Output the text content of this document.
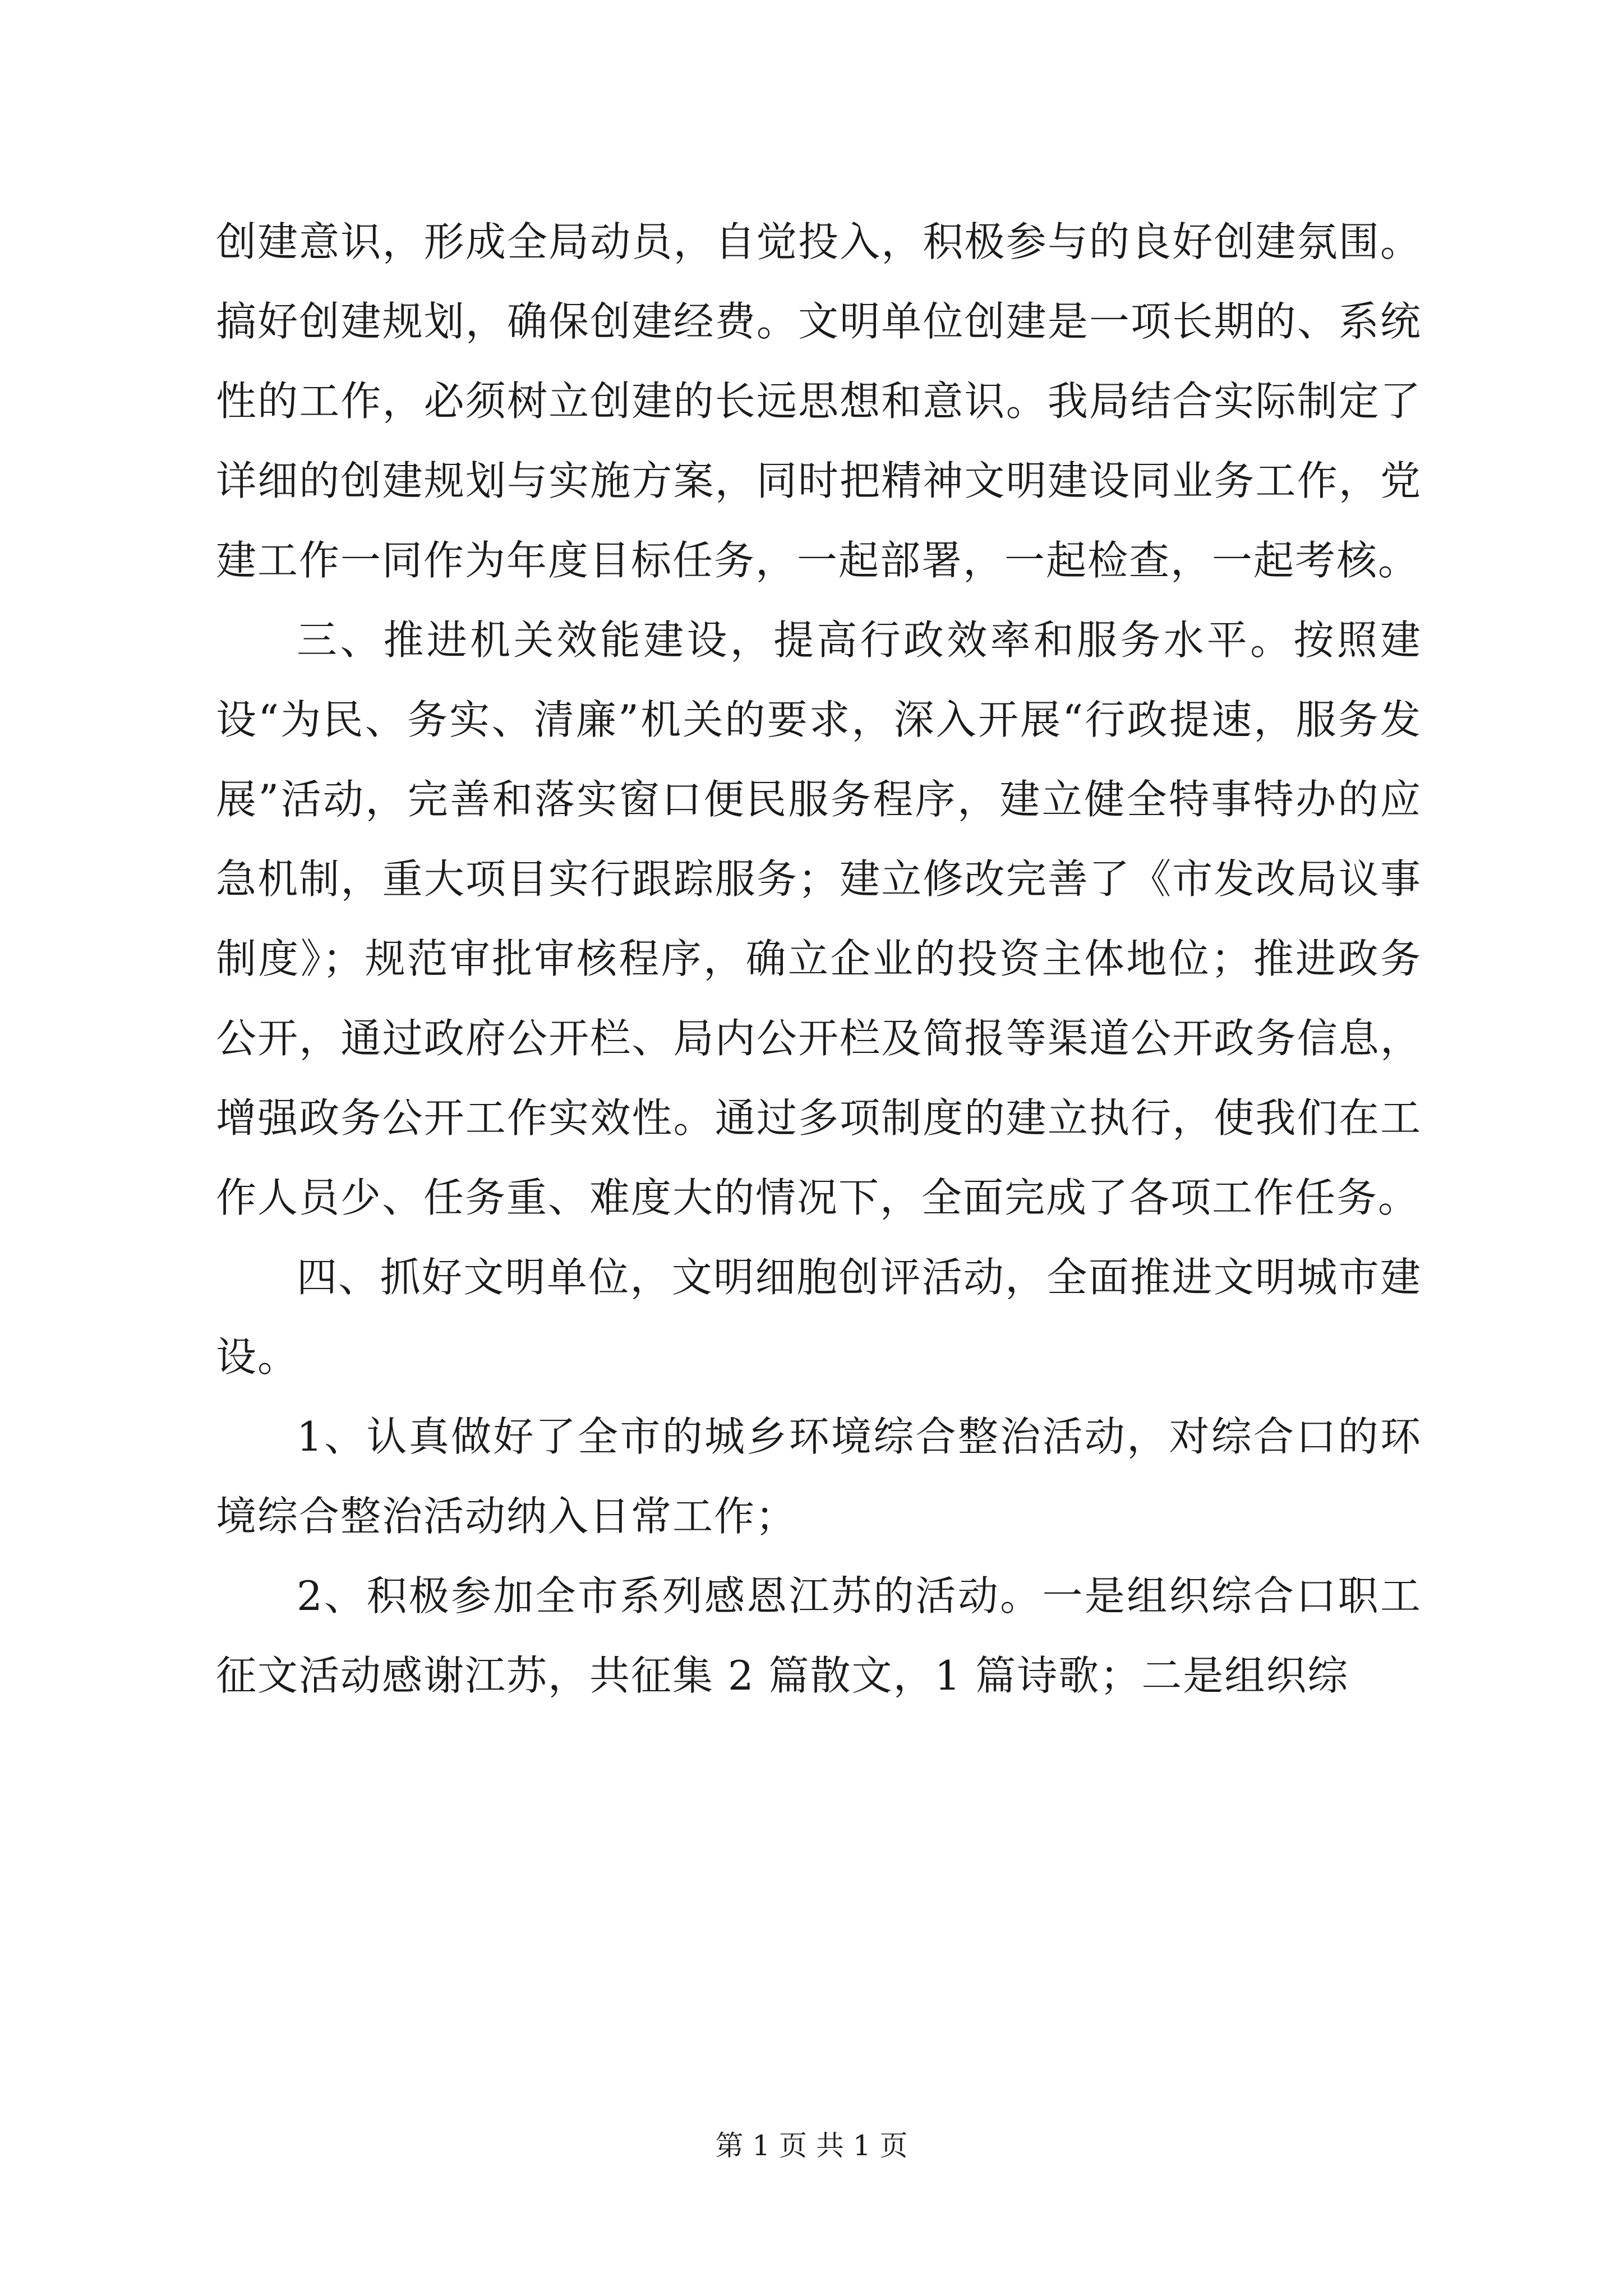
创建意识，形成全局动员，自觉投入，积极参与的良好创建氛围。搞好创建规划，确保创建经费。文明单位创建是一项长期的、系统性的工作，必须树立创建的长远思想和意识。我局结合实际制定了详细的创建规划与实施方案，同时把精神文明建设同业务工作，党建工作一同作为年度目标任务，一起部署，一起检查，一起考核。

三、推进机关效能建设，提高行政效率和服务水平。按照建设“为民、务实、清廉”机关的要求，深入开展“行政提速，服务发展”活动，完善和落实窗口便民服务程序，建立健全特事特办的应急机制，重大项目实行跟踪服务；建立修改完善了《市发改局议事制度》；规范审批审核程序，确立企业的投资主体地位；推进政务公开，通过政府公开栏、局内公开栏及简报等渠道公开政务信息，增强政务公开工作实效性。通过多项制度的建立执行，使我们在工作人员少、任务重、难度大的情况下，全面完成了各项工作任务。

四、抓好文明单位，文明细胞创评活动，全面推进文明城市建设。

1、认真做好了全市的城乡环境综合整治活动，对综合口的环境综合整治活动纳入日常工作；

2、积极参加全市系列感恩江苏的活动。一是组织综合口职工征文活动感谢江苏，共征集 2 篇散文，1 篇诗歌；二是组织综

第 1 页 共 1 页
